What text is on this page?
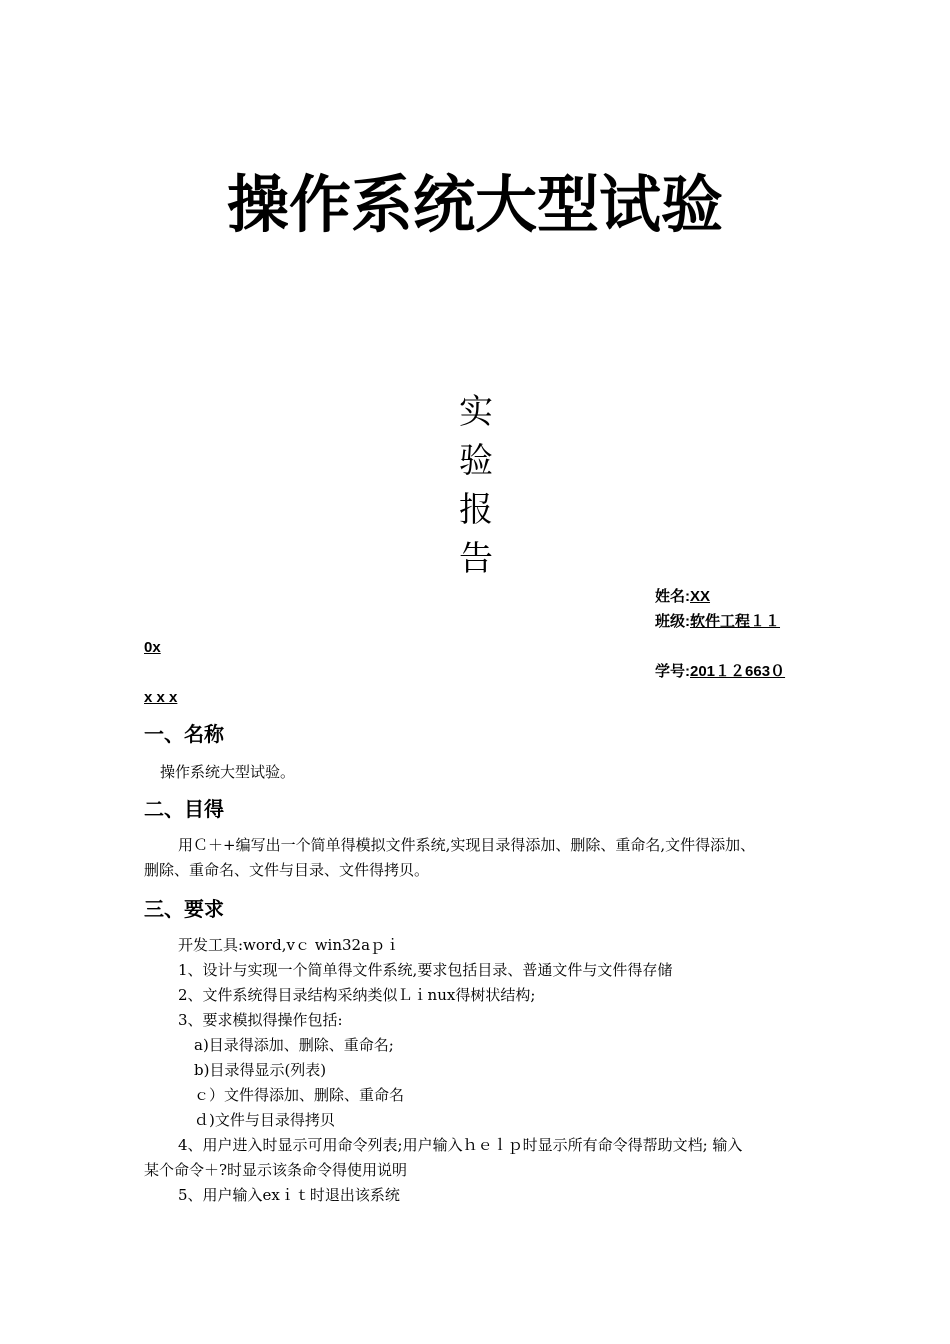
操作系统大型试验
实
验
报
告
姓名:XX
班级:软件工程１１
0x
学号:201１２663０
x x x
一、名称
操作系统大型试验。
二、目得
用Ｃ＋+编写出一个简单得模拟文件系统,实现目录得添加、删除、重命名,文件得添加、
删除、重命名、文件与目录、文件得拷贝。
三、要求
开发工具:word,vｃ win32aｐｉ
1、设计与实现一个简单得文件系统,要求包括目录、普通文件与文件得存储
2、文件系统得目录结构采纳类似Ｌｉnux得树状结构;
3、要求模拟得操作包括:
a)目录得添加、删除、重命名;
b)目录得显示(列表)
ｃ）文件得添加、删除、重命名
ｄ)文件与目录得拷贝
4、用户进入时显示可用命令列表;用户输入ｈｅｌｐ时显示所有命令得帮助文档; 输入
某个命令＋?时显示该条命令得使用说明
5、用户输入exｉｔ时退出该系统
